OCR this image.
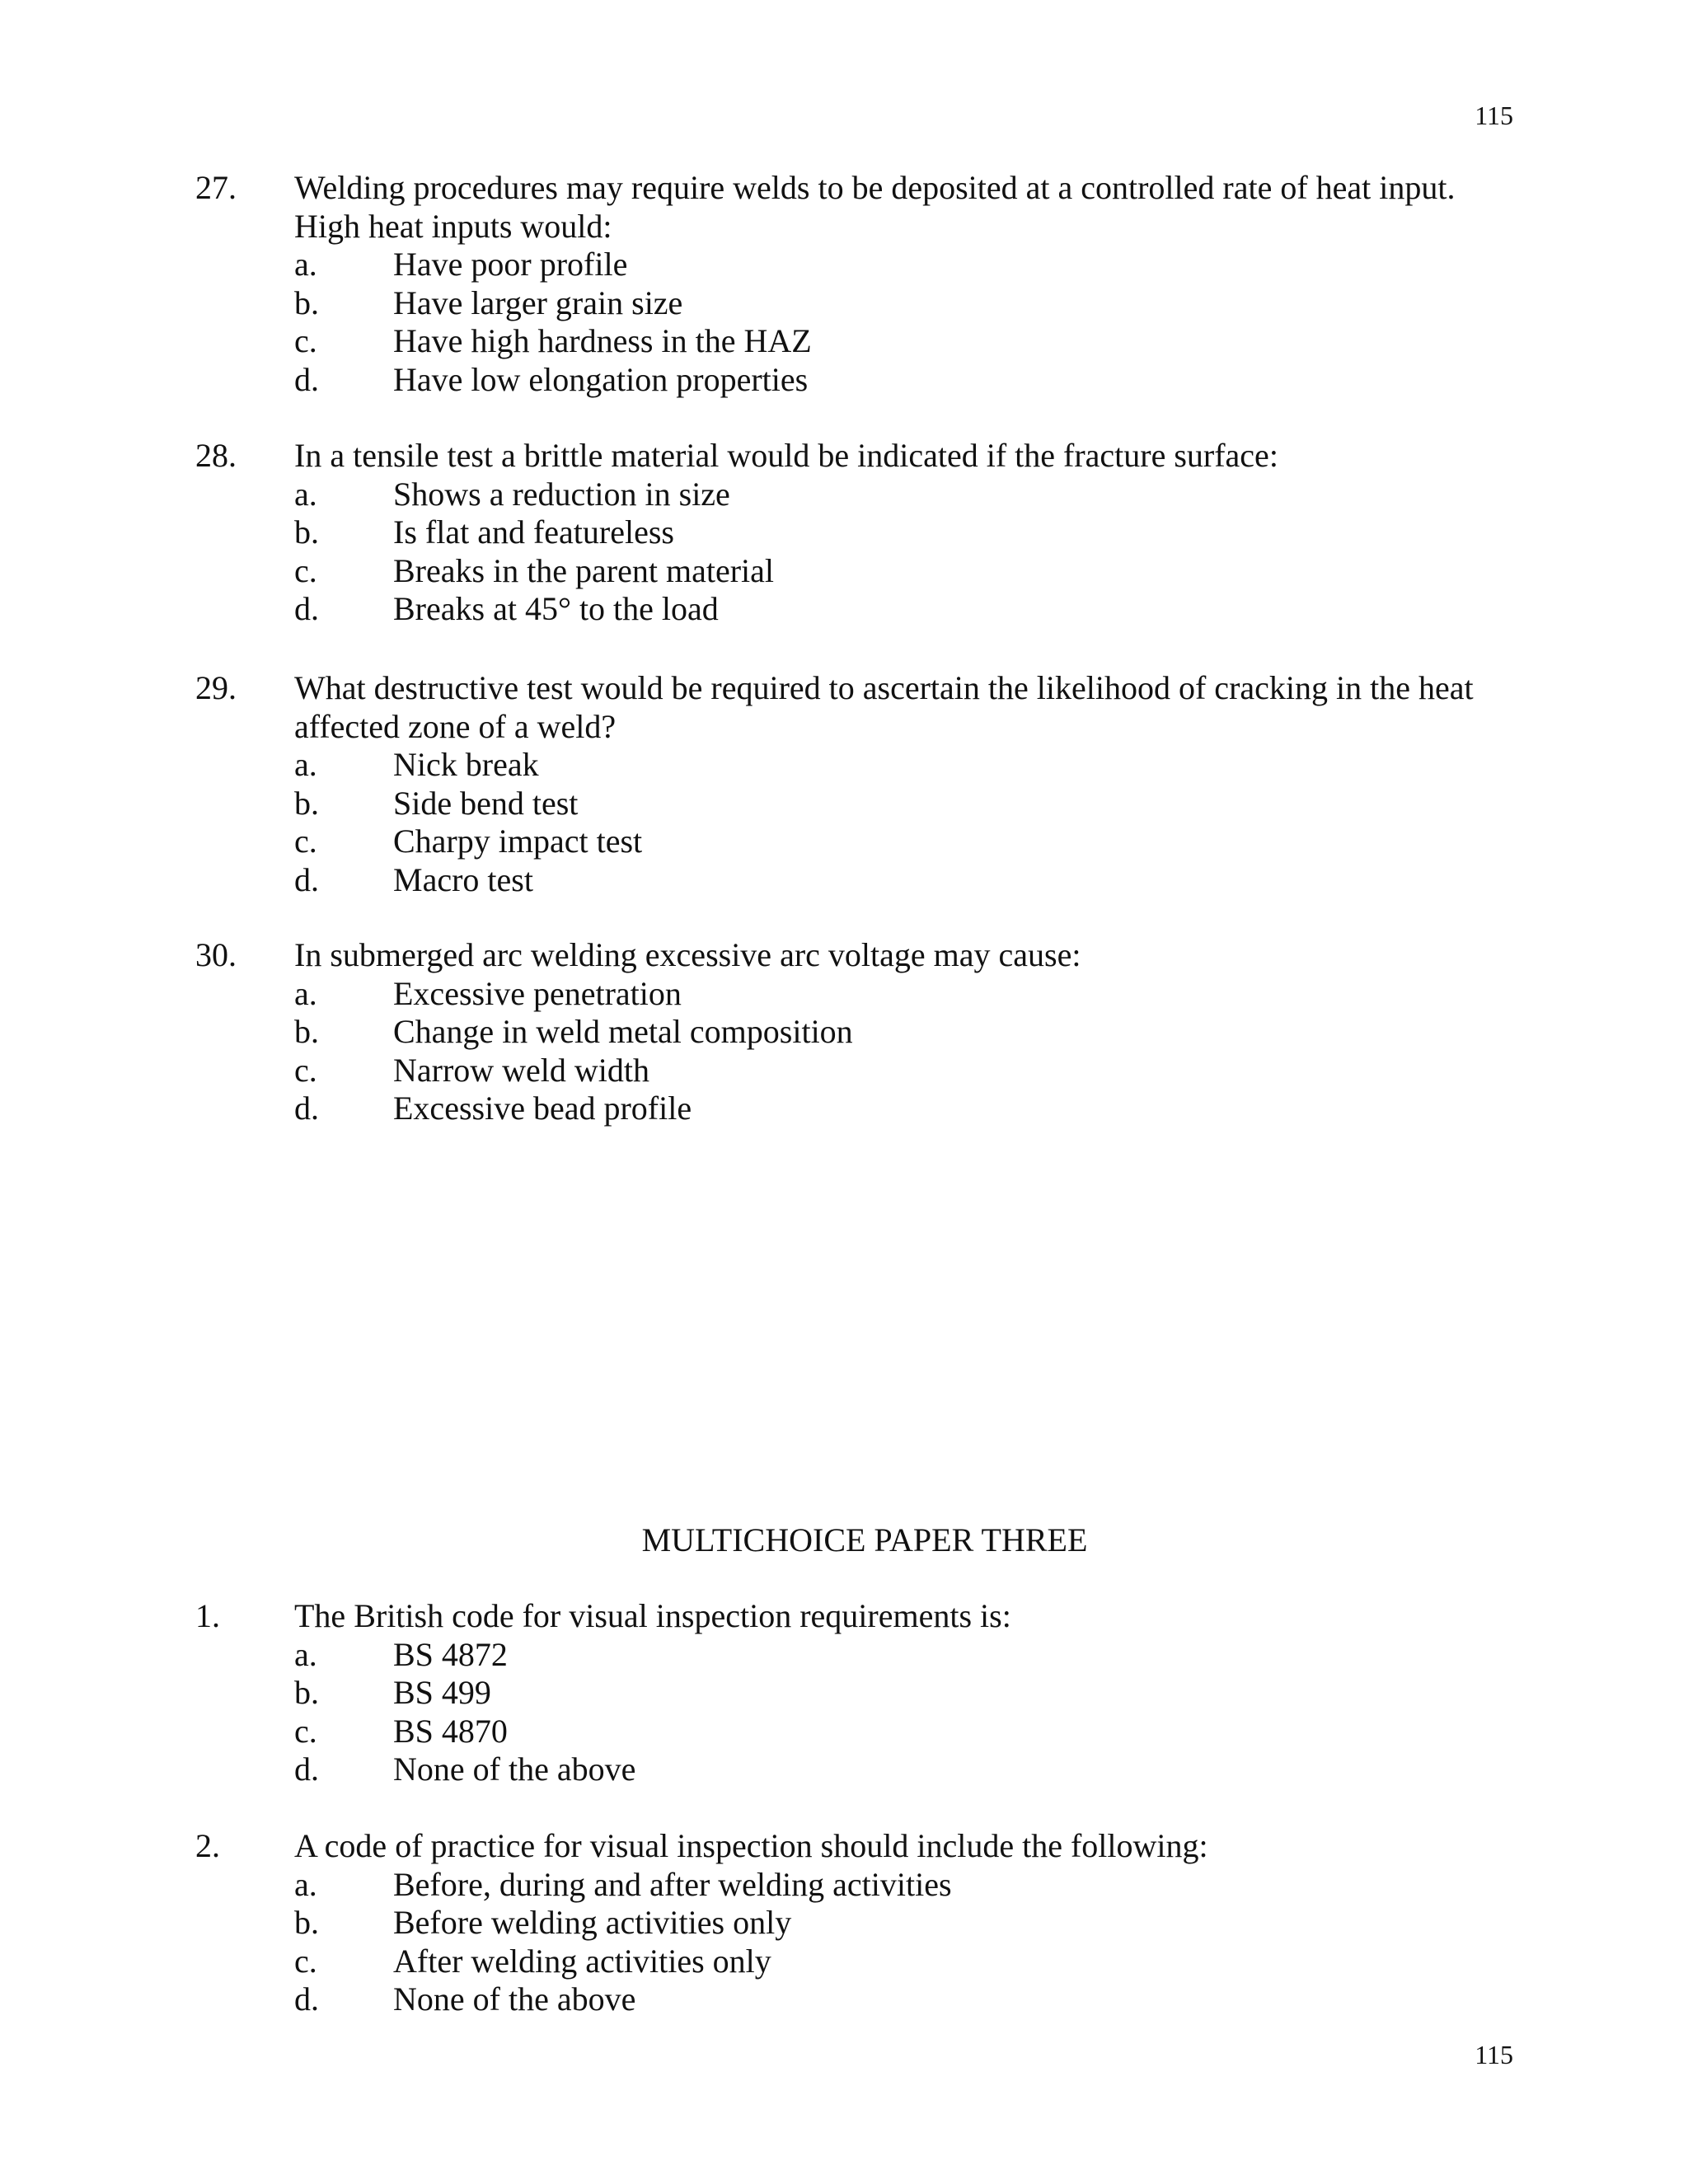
115
27. Welding procedures may require welds to be deposited at a controlled rate of heat input.

High heat inputs would:

a. Have poor profile
b. Have larger grain size
c. Have high hardness in the HAZ
d. Have low elongation properties
28. In a tensile test a brittle material would be indicated if the fracture surface:

a. Shows a reduction in size
b. Is flat and featureless
c. Breaks in the parent material
d. Breaks at 45° to the load
29. What destructive test would be required to ascertain the likelihood of cracking in the heat

affected zone of a weld?

a. Nick break
b. Side bend test
c. Charpy impact test
d. Macro test
30. In submerged arc welding excessive arc voltage may cause:

a. Excessive penetration
b. Change in weld metal composition
c. Narrow weld width
d. Excessive bead profile
MULTICHOICE PAPER THREE
1. The British code for visual inspection requirements is:

a. BS 4872
b. BS 499
c. BS 4870
d. None of the above
2. A code of practice for visual inspection should include the following:

a. Before, during and after welding activities
b. Before welding activities only
c. After welding activities only
d. None of the above
115
